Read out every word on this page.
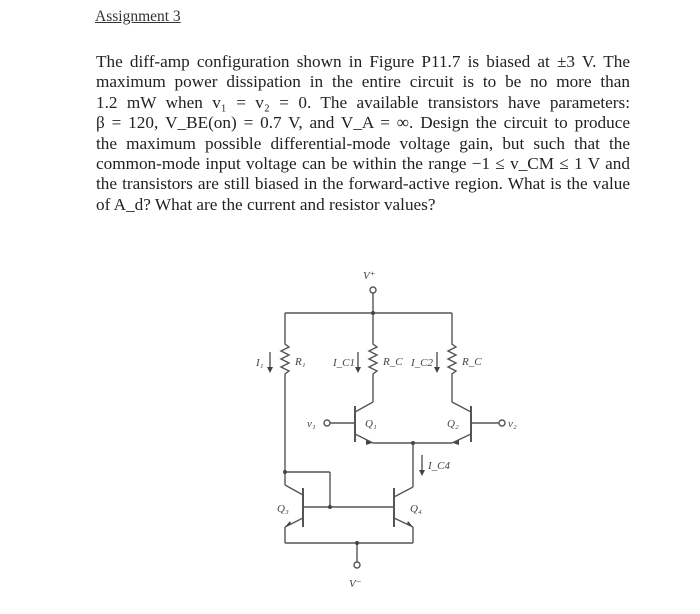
Assignment 3
The diff-amp configuration shown in Figure P11.7 is biased at ±3 V. The
maximum power dissipation in the entire circuit is to be no more than
1.2 mW when v₁ = v₂ = 0. The available transistors have parameters:
β = 120, V_BE(on) = 0.7 V, and V_A = ∞. Design the circuit to produce
the maximum possible differential-mode voltage gain, but such that the
common-mode input voltage can be within the range −1 ≤ v_CM ≤ 1 V and
the transistors are still biased in the forward-active region. What is the value
of A_d? What are the current and resistor values?
V⁺
V⁻
R₁	R_C	R_C
I₁	I_C1	I_C2
I_C4
v₁	v₂
Q₁	Q₂
Q₃	Q₄
